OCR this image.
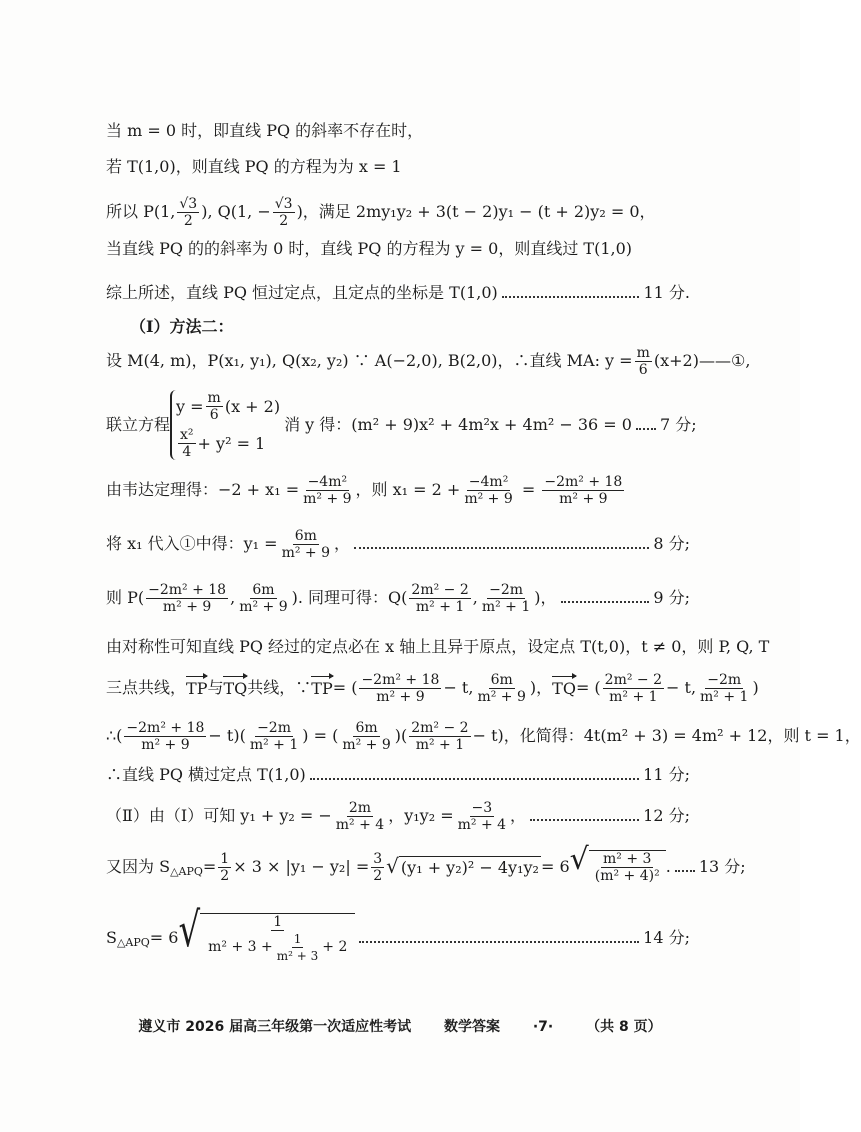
当 m = 0 时，即直线 PQ 的斜率不存在时，
若 T(1,0)，则直线 PQ 的方程为为 x = 1
所以 P(1, $\frac{√3}{2}$ ), Q(1, − $\frac{√3}{2}$ )，满足 2my₁y₂ + 3(t − 2)y₁ − (t + 2)y₂ = 0，
当直线 PQ 的的斜率为 0 时，直线 PQ 的方程为 y = 0，则直线过 T(1,0)
综上所述，直线 PQ 恒过定点，且定点的坐标是 T(1,0)	11 分.
（Ⅰ）方法二：
设 M(4, m)，P(x₁, y₁), Q(x₂, y₂) ∵ A(−2,0), B(2,0)，∴直线 MA: $y = \frac{m}{6}$ (x+2)——①,
联立方程
$y = \frac{m}{6} (x + 2)$
$\frac{\text{x²}}{4} + y^2 = 1$
消 y 得：(m² + 9)x² + 4m²x + 4m² − 36 = 0 7 分;
由韦达定理得：$-2 + x_1 = \frac{\text{−4m²}}{\text{m² + 9}}$ ，则 $x_1 = 2 + \frac{\text{−4m²}}{\text{m² + 9}} = \frac{\text{−2m² + 18}}{\text{m² + 9}}$
将 x₁ 代入①中得：$y_1 = \frac{6m}{\text{m² + 9}}$ ，	8 分;
则 $P( \frac{\text{−2m² + 18}}{\text{m² + 9}}$ , $\frac{6m}{\text{m² + 9}}$ ). 同理可得：$Q( \frac{\text{2m² − 2}}{\text{m² + 1}}$ , $\frac{-2m}{\text{m² + 1}}$ )，	9 分;
由对称性可知直线 PQ 经过的定点必在 x 轴上且异于原点，设定点 T(t,0)，t ≠ 0，则 P, Q, T
三点共线， TP 与 TQ 共线，∵ TP = ( $\frac{\text{−2m² + 18}}{\text{m² + 9}} - t$, $\frac{6m}{\text{m² + 9}}$ )， TQ = ( $\frac{\text{2m² − 2}}{\text{m² + 1}} - t$, $\frac{-2m}{\text{m² + 1}}$ )
∴( $\frac{\text{−2m² + 18}}{\text{m² + 9}} - t)( \frac{-2m}{\text{m² + 1}}$ ) = ( $\frac{6m}{\text{m² + 9}}$ )( $\frac{\text{2m² − 2}}{\text{m² + 1}} - t$)，化简得：4t(m² + 3) = 4m² + 12，则 t = 1，
∴直线 PQ 横过定点 T(1,0)	11 分;
（Ⅱ）由（Ⅰ）可知 y₁ + y₂ = − $\frac{2m}{\text{m² + 4}}$ ，$y_1y_2 = \frac{-3}{\text{m² + 4}}$ ，	12 分;
又因为 S △APQ = $\frac{1}{2} \times 3 \times |y_1 - y_2| = \frac{3}{2}$ √ (y₁ + y₂)² − 4y₁y₂ = 6 √ $\frac{\text{m² + 3}}{\text{(m² + 4)²}}$ . 13 分;
S △APQ = 6 √	1
$m^2 + 3 + \frac{1}{\text{m² + 3}} + 2$	14 分;
遵义市 2026 届高三年级第一次适应性考试 数学答案 ·7· （共 8 页）
